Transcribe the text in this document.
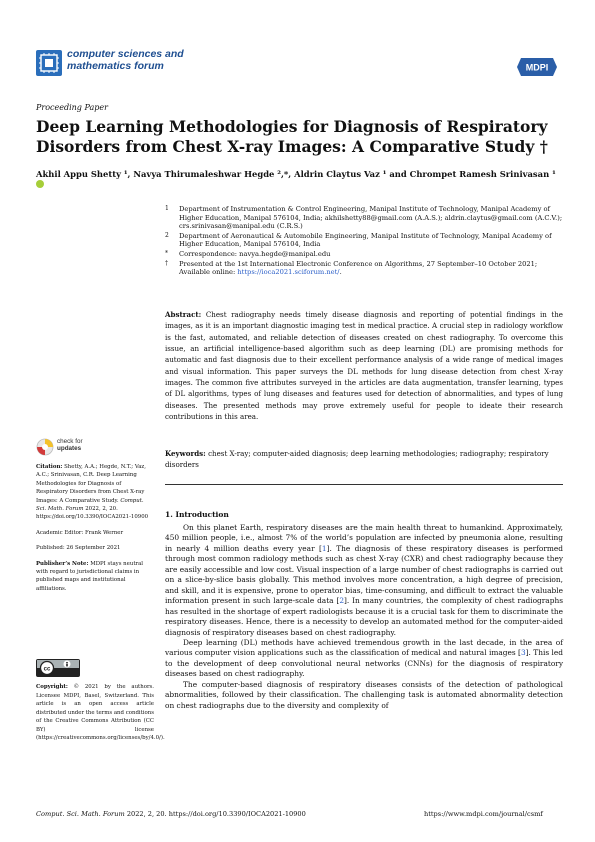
computer sciences and
mathematics forum	MDPI
Proceeding Paper
Deep Learning Methodologies for Diagnosis of Respiratory Disorders from Chest X-ray Images: A Comparative Study †
Akhil Appu Shetty ¹, Navya Thirumaleshwar Hegde ²,*, Aldrin Claytus Vaz ¹ and Chrompet Ramesh Srinivasan ¹
1 Department of Instrumentation & Control Engineering, Manipal Institute of Technology, Manipal Academy of Higher Education, Manipal 576104, India; akhilshetty88@gmail.com (A.A.S.); aldrin.claytus@gmail.com (A.C.V.); crs.srinivasan@manipal.edu (C.R.S.)
2 Department of Aeronautical & Automobile Engineering, Manipal Institute of Technology, Manipal Academy of Higher Education, Manipal 576104, India
* Correspondence: navya.hegde@manipal.edu
† Presented at the 1st International Electronic Conference on Algorithms, 27 September–10 October 2021; Available online: https://ioca2021.sciforum.net/.
Abstract: Chest radiography needs timely disease diagnosis and reporting of potential findings in the images, as it is an important diagnostic imaging test in medical practice. A crucial step in radiology workflow is the fast, automated, and reliable detection of diseases created on chest radiography. To overcome this issue, an artificial intelligence-based algorithm such as deep learning (DL) are promising methods for automatic and fast diagnosis due to their excellent performance analysis of a wide range of medical images and visual information. This paper surveys the DL methods for lung disease detection from chest X-ray images. The common five attributes surveyed in the articles are data augmentation, transfer learning, types of DL algorithms, types of lung diseases and features used for detection of abnormalities, and types of lung diseases. The presented methods may prove extremely useful for people to ideate their research contributions in this area.
Keywords: chest X-ray; computer-aided diagnosis; deep learning methodologies; radiography; respiratory disorders
1. Introduction

On this planet Earth, respiratory diseases are the main health threat to humankind. Approximately, 450 million people, i.e., almost 7% of the world’s population are infected by pneumonia alone, resulting in nearly 4 million deaths every year [1]. The diagnosis of these respiratory diseases is performed through most common radiology methods such as chest X-ray (CXR) and chest radiography because they are easily accessible and low cost. Visual inspection of a large number of chest radiographs is carried out on a slice-by-slice basis globally. This method involves more concentration, a high degree of precision, and skill, and it is expensive, prone to operator bias, time-consuming, and difficult to extract the valuable information present in such large-scale data [2]. In many countries, the complexity of chest radiographs has resulted in the shortage of expert radiologists because it is a crucial task for them to discriminate the respiratory diseases. Hence, there is a necessity to develop an automated method for the computer-aided diagnosis of respiratory diseases based on chest radiography.

Deep learning (DL) methods have achieved tremendous growth in the last decade, in the area of various computer vision applications such as the classification of medical and natural images [3]. This led to the development of deep convolutional neural networks (CNNs) for the diagnosis of respiratory diseases based on chest radiography.

The computer-based diagnosis of respiratory diseases consists of the detection of pathological abnormalities, followed by their classification. The challenging task is automated abnormality detection on chest radiographs due to the diversity and complexity of

check for
updates
Citation: Shetty, A.A.; Hegde, N.T.; Vaz, A.C.; Srinivasan, C.R. Deep Learning Methodologies for Diagnosis of Respiratory Disorders from Chest X-ray Images: A Comparative Study. Comput. Sci. Math. Forum 2022, 2, 20. https://doi.org/10.3390/IOCA2021-10900
Academic Editor: Frank Werner
Published: 26 September 2021
Publisher’s Note: MDPI stays neutral with regard to jurisdictional claims in published maps and institutional affiliations.
cc
Copyright: © 2021 by the authors. Licensee MDPI, Basel, Switzerland. This article is an open access article distributed under the terms and conditions of the Creative Commons Attribution (CC BY) license (https://creativecommons.org/licenses/by/4.0/).
Comput. Sci. Math. Forum 2022, 2, 20. https://doi.org/10.3390/IOCA2021-10900	https://www.mdpi.com/journal/csmf
